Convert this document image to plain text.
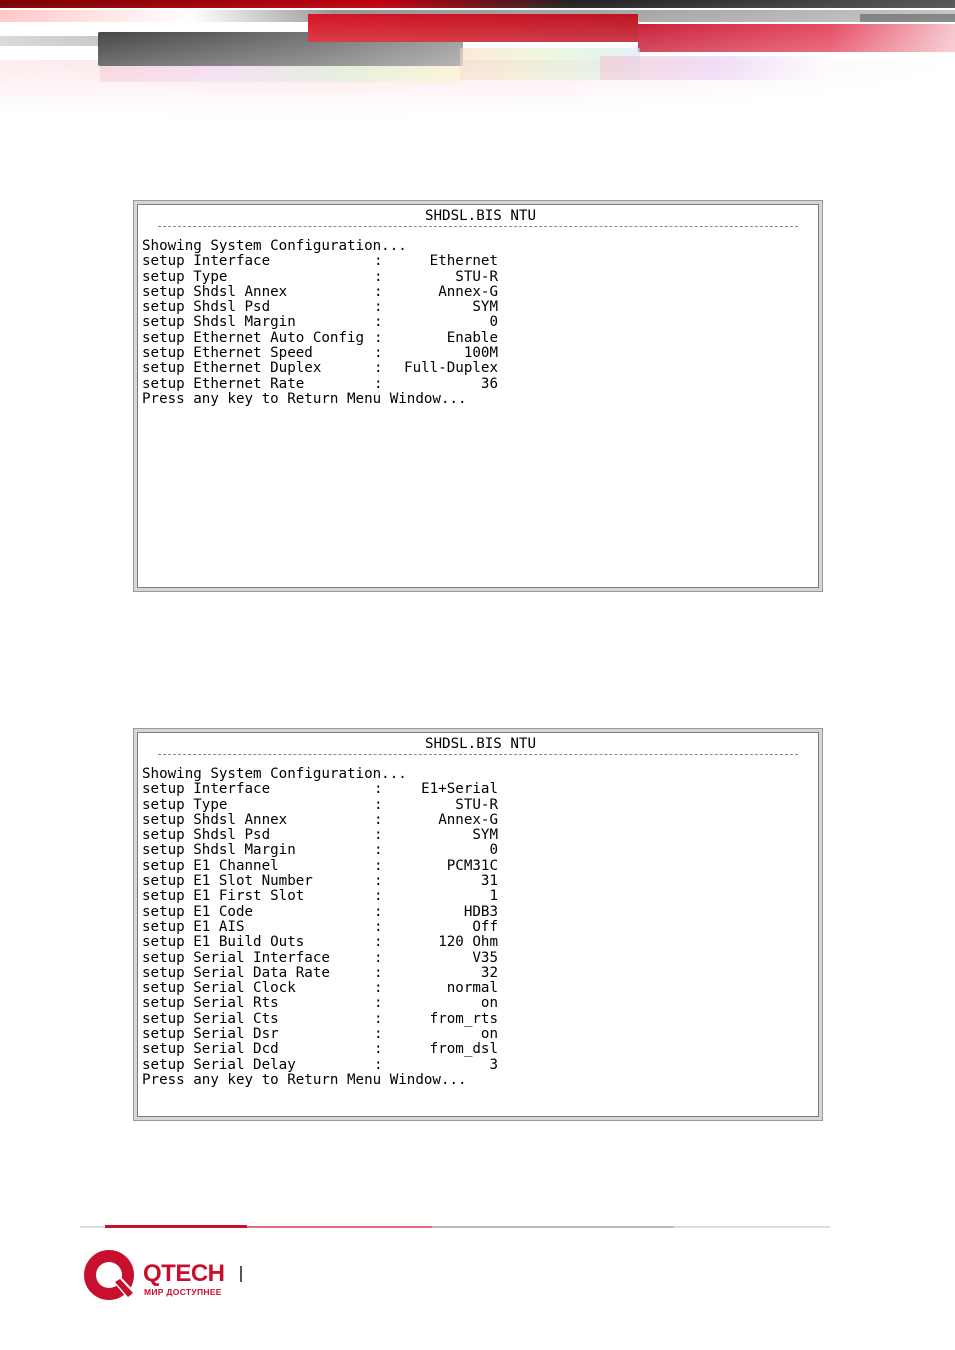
SHDSL.BIS NTU
Showing System Configuration...
setup Interface	:	Ethernet
setup Type	:	STU-R
setup Shdsl Annex	:	Annex-G
setup Shdsl Psd	:	SYM
setup Shdsl Margin	:	0
setup Ethernet Auto Config :	Enable
setup Ethernet Speed	:	100M
setup Ethernet Duplex	:	Full-Duplex
setup Ethernet Rate	:	36
Press any key to Return Menu Window...
SHDSL.BIS NTU
Showing System Configuration...
setup Interface	:	E1+Serial
setup Type	:	STU-R
setup Shdsl Annex	:	Annex-G
setup Shdsl Psd	:	SYM
setup Shdsl Margin	:	0
setup E1 Channel	:	PCM31C
setup E1 Slot Number	:	31
setup E1 First Slot	:	1
setup E1 Code	:	HDB3
setup E1 AIS	:	Off
setup E1 Build Outs	:	120 Ohm
setup Serial Interface	:	V35
setup Serial Data Rate	:	32
setup Serial Clock	:	normal
setup Serial Rts	:	on
setup Serial Cts	:	from_rts
setup Serial Dsr	:	on
setup Serial Dcd	:	from_dsl
setup Serial Delay	:	3
Press any key to Return Menu Window...
QTECH
МИР ДОСТУПНЕЕ
